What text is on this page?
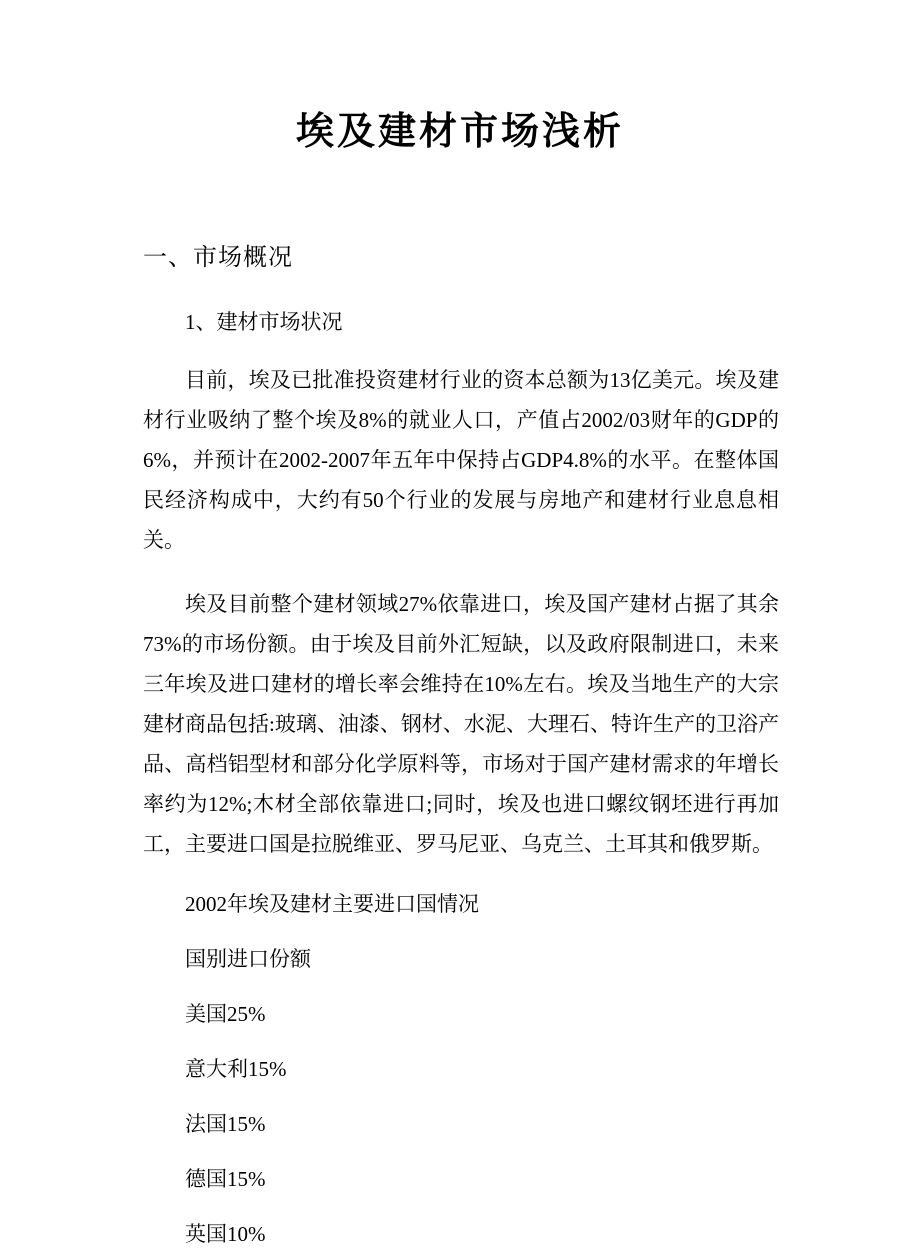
埃及建材市场浅析
一、市场概况

1、建材市场状况

目前，埃及已批准投资建材行业的资本总额为13亿美元。埃及建材行业吸纳了整个埃及8%的就业人口，产值占2002/03财年的GDP的6%，并预计在2002-2007年五年中保持占GDP4.8%的水平。在整体国民经济构成中，大约有50个行业的发展与房地产和建材行业息息相关。

埃及目前整个建材领域27%依靠进口，埃及国产建材占据了其余73%的市场份额。由于埃及目前外汇短缺，以及政府限制进口，未来三年埃及进口建材的增长率会维持在10%左右。埃及当地生产的大宗建材商品包括:玻璃、油漆、钢材、水泥、大理石、特许生产的卫浴产品、高档铝型材和部分化学原料等，市场对于国产建材需求的年增长率约为12%;木材全部依靠进口;同时，埃及也进口螺纹钢坯进行再加工，主要进口国是拉脱维亚、罗马尼亚、乌克兰、土耳其和俄罗斯。

2002年埃及建材主要进口国情况

国别进口份额

美国25%

意大利15%

法国15%

德国15%

英国10%
